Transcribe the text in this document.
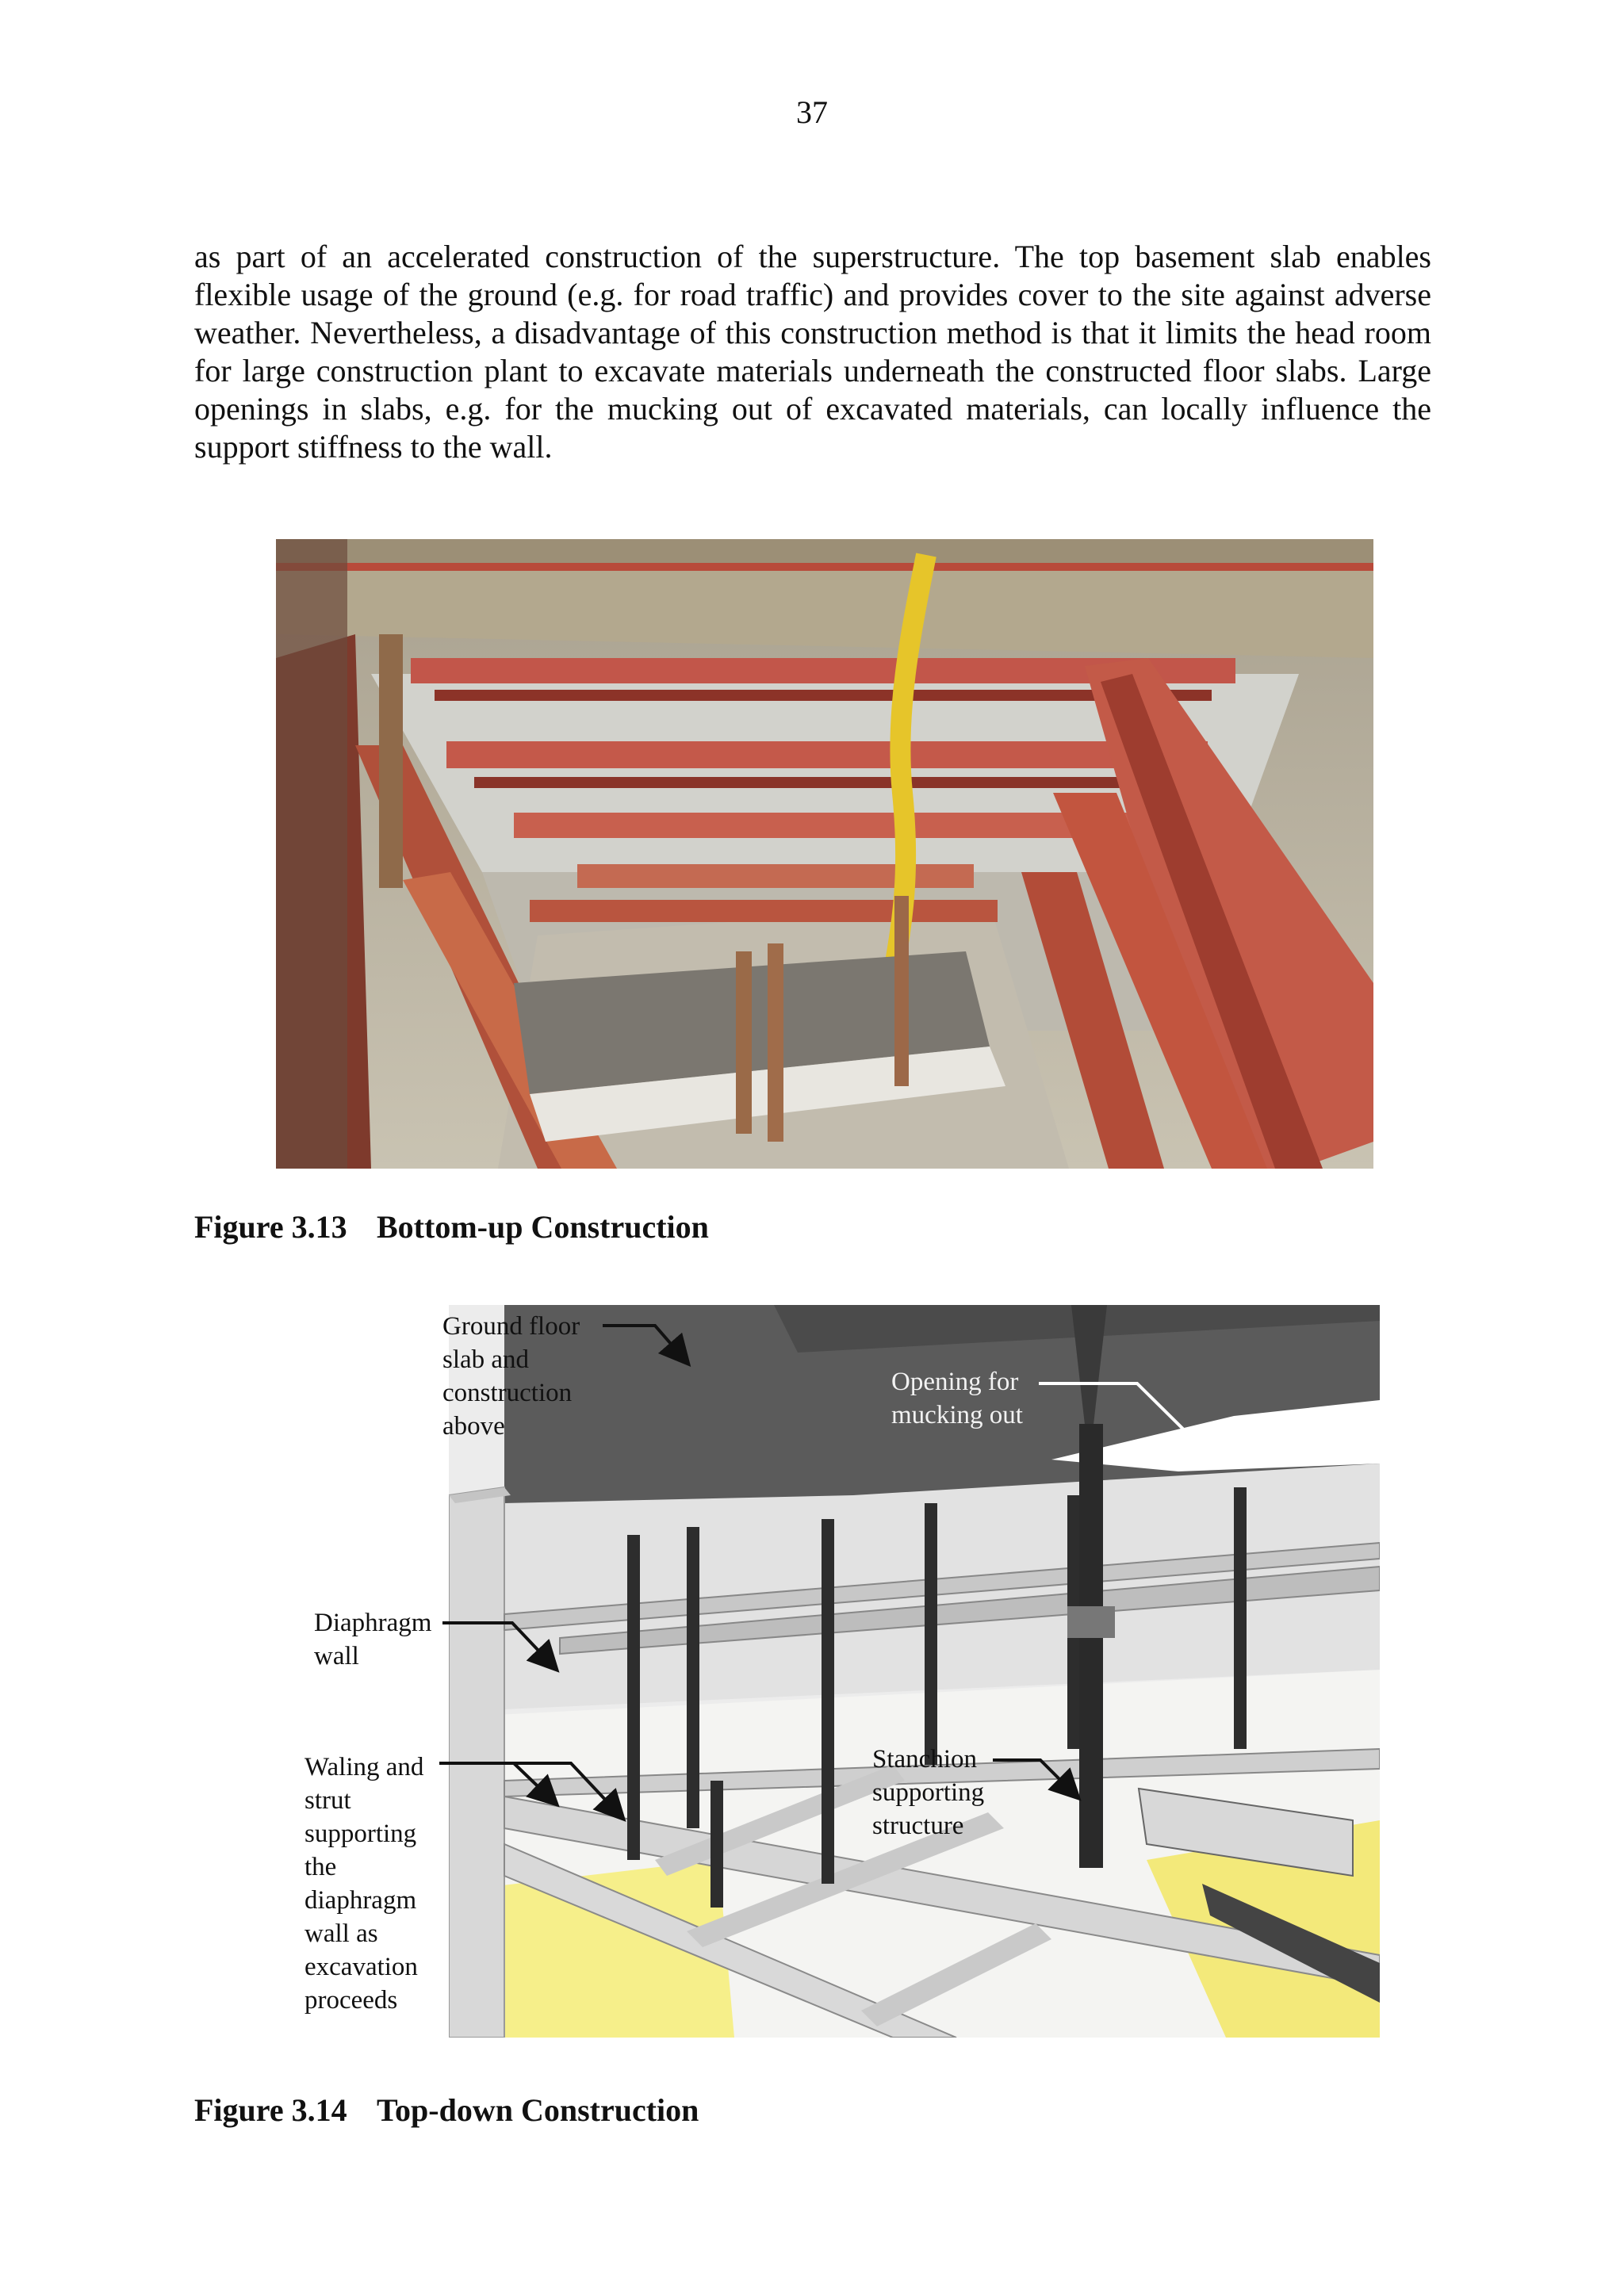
37

as part of an accelerated construction of the superstructure. The top basement slab enables flexible usage of the ground (e.g. for road traffic) and provides cover to the site against adverse weather. Nevertheless, a disadvantage of this construction method is that it limits the head room for large construction plant to excavate materials underneath the constructed floor slabs. Large openings in slabs, e.g. for the mucking out of excavated materials, can locally influence the support stiffness to the wall.

Figure 3.13 Bottom-up Construction
Ground floor
slab and
construction
above
Opening for
mucking out
Diaphragm
wall
Waling and
strut
supporting
the
diaphragm
wall as
excavation
proceeds
Stanchion
supporting
structure
Figure 3.14 Top-down Construction
